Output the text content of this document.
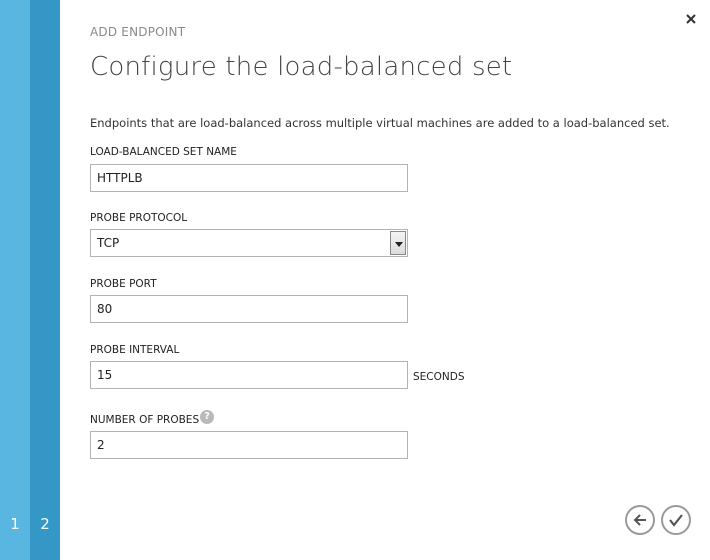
1	2
ADD ENDPOINT
Configure the load-balanced set
Endpoints that are load-balanced across multiple virtual machines are added to a load-balanced set.
LOAD-BALANCED SET NAME
HTTPLB
PROBE PROTOCOL
TCP
PROBE PORT
80
PROBE INTERVAL
15
SECONDS
NUMBER OF PROBES ?
2
